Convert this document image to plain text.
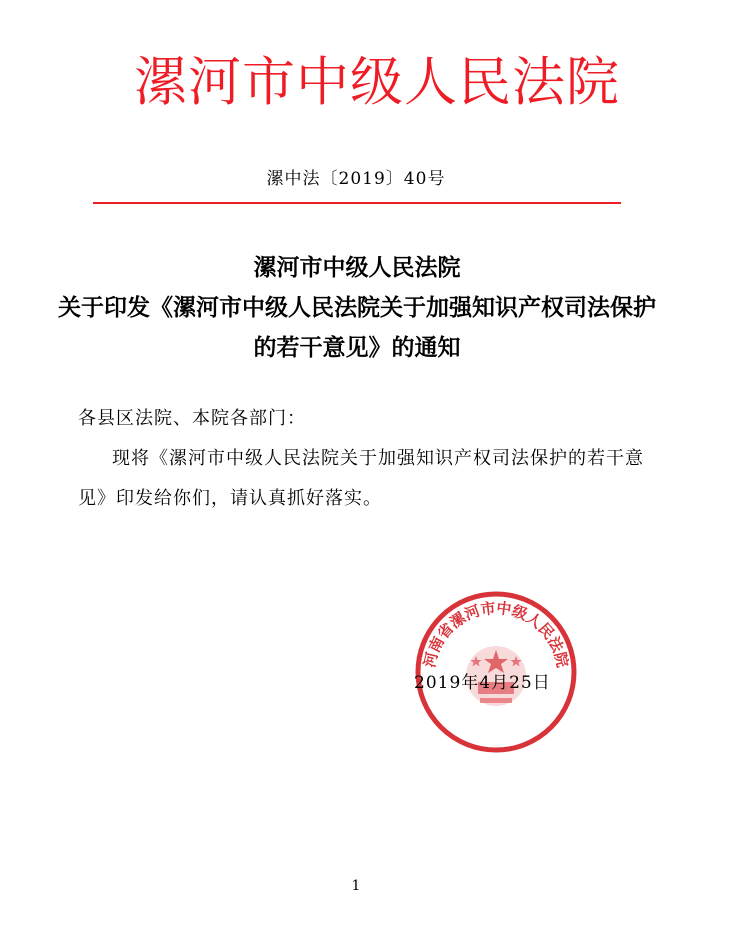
漯河市中级人民法院
漯中法〔2019〕40号
漯河市中级人民法院
关于印发《漯河市中级人民法院关于加强知识产权司法保护
的若干意见》的通知
各县区法院、本院各部门：
现将《漯河市中级人民法院关于加强知识产权司法保护的若干意见》印发给你们，请认真抓好落实。
河南省漯河市中级人民法院
2019年4月25日
1
